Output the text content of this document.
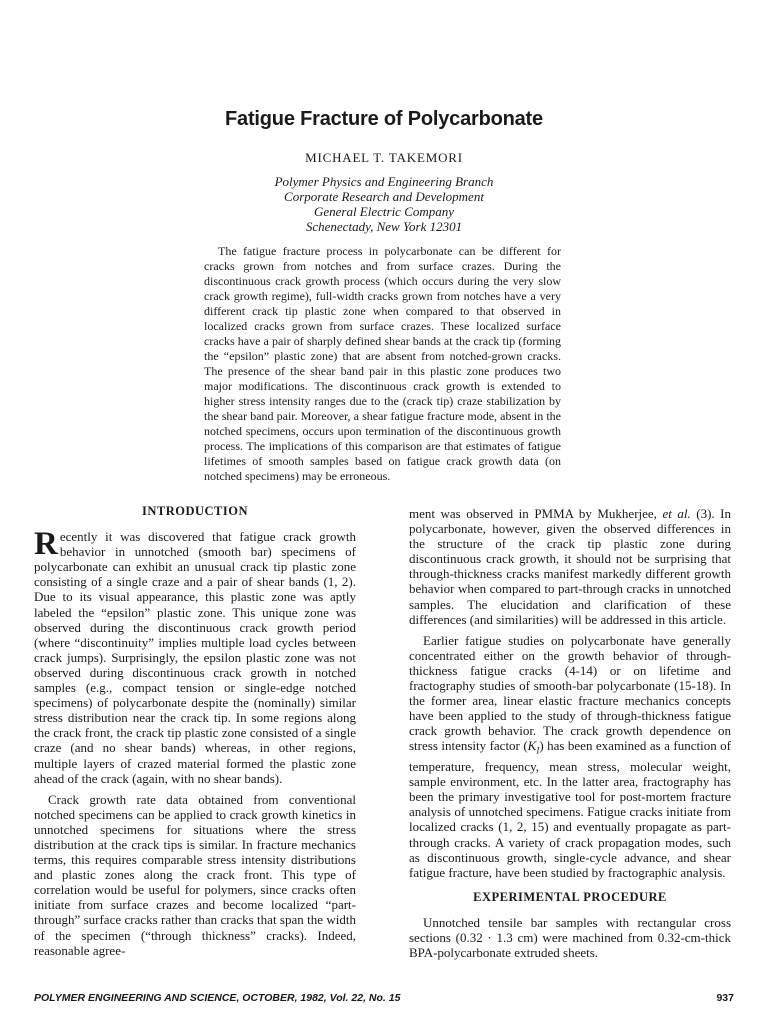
Fatigue Fracture of Polycarbonate
MICHAEL T. TAKEMORI
Polymer Physics and Engineering Branch
Corporate Research and Development
General Electric Company
Schenectady, New York 12301

The fatigue fracture process in polycarbonate can be different for cracks grown from notches and from surface crazes. During the discontinuous crack growth process (which occurs during the very slow crack growth regime), full-width cracks grown from notches have a very different crack tip plastic zone when compared to that observed in localized cracks grown from surface crazes. These localized surface cracks have a pair of sharply defined shear bands at the crack tip (forming the “epsilon” plastic zone) that are absent from notched-grown cracks. The presence of the shear band pair in this plastic zone produces two major modifications. The discontinuous crack growth is extended to higher stress intensity ranges due to the (crack tip) craze stabilization by the shear band pair. Moreover, a shear fatigue fracture mode, absent in the notched specimens, occurs upon termination of the discontinuous growth process. The implications of this comparison are that estimates of fatigue lifetimes of smooth samples based on fatigue crack growth data (on notched specimens) may be erroneous.

INTRODUCTION

Recently it was discovered that fatigue crack growth behavior in unnotched (smooth bar) specimens of polycarbonate can exhibit an unusual crack tip plastic zone consisting of a single craze and a pair of shear bands (1, 2). Due to its visual appearance, this plastic zone was aptly labeled the “epsilon” plastic zone. This unique zone was observed during the discontinuous crack growth period (where “discontinuity” implies multiple load cycles between crack jumps). Surprisingly, the epsilon plastic zone was not observed during discontinuous crack growth in notched samples (e.g., compact tension or single-edge notched specimens) of polycarbonate despite the (nominally) similar stress distribution near the crack tip. In some regions along the crack front, the crack tip plastic zone consisted of a single craze (and no shear bands) whereas, in other regions, multiple layers of crazed material formed the plastic zone ahead of the crack (again, with no shear bands).

Crack growth rate data obtained from conventional notched specimens can be applied to crack growth kinetics in unnotched specimens for situations where the stress distribution at the crack tips is similar. In fracture mechanics terms, this requires comparable stress intensity distributions and plastic zones along the crack front. This type of correlation would be useful for polymers, since cracks often initiate from surface crazes and become localized “part-through” surface cracks rather than cracks that span the width of the specimen (“through thickness” cracks). Indeed, reasonable agree-

ment was observed in PMMA by Mukherjee, et al. (3). In polycarbonate, however, given the observed differences in the structure of the crack tip plastic zone during discontinuous crack growth, it should not be surprising that through-thickness cracks manifest markedly different growth behavior when compared to part-through cracks in unnotched samples. The elucidation and clarification of these differences (and similarities) will be addressed in this article.

Earlier fatigue studies on polycarbonate have generally concentrated either on the growth behavior of through-thickness fatigue cracks (4-14) or on lifetime and fractography studies of smooth-bar polycarbonate (15-18). In the former area, linear elastic fracture mechanics concepts have been applied to the study of through-thickness fatigue crack growth behavior. The crack growth dependence on stress intensity factor $(K_I)$ has been examined as a function of temperature, frequency, mean stress, molecular weight, sample environment, etc. In the latter area, fractography has been the primary investigative tool for post-mortem fracture analysis of unnotched specimens. Fatigue cracks initiate from localized cracks (1, 2, 15) and eventually propagate as part-through cracks. A variety of crack propagation modes, such as discontinuous growth, single-cycle advance, and shear fatigue fracture, have been studied by fractographic analysis.

EXPERIMENTAL PROCEDURE

Unnotched tensile bar samples with rectangular cross sections (0.32 · 1.3 cm) were machined from 0.32-cm-thick BPA-polycarbonate extruded sheets.

POLYMER ENGINEERING AND SCIENCE, OCTOBER, 1982, Vol. 22, No. 15	937
